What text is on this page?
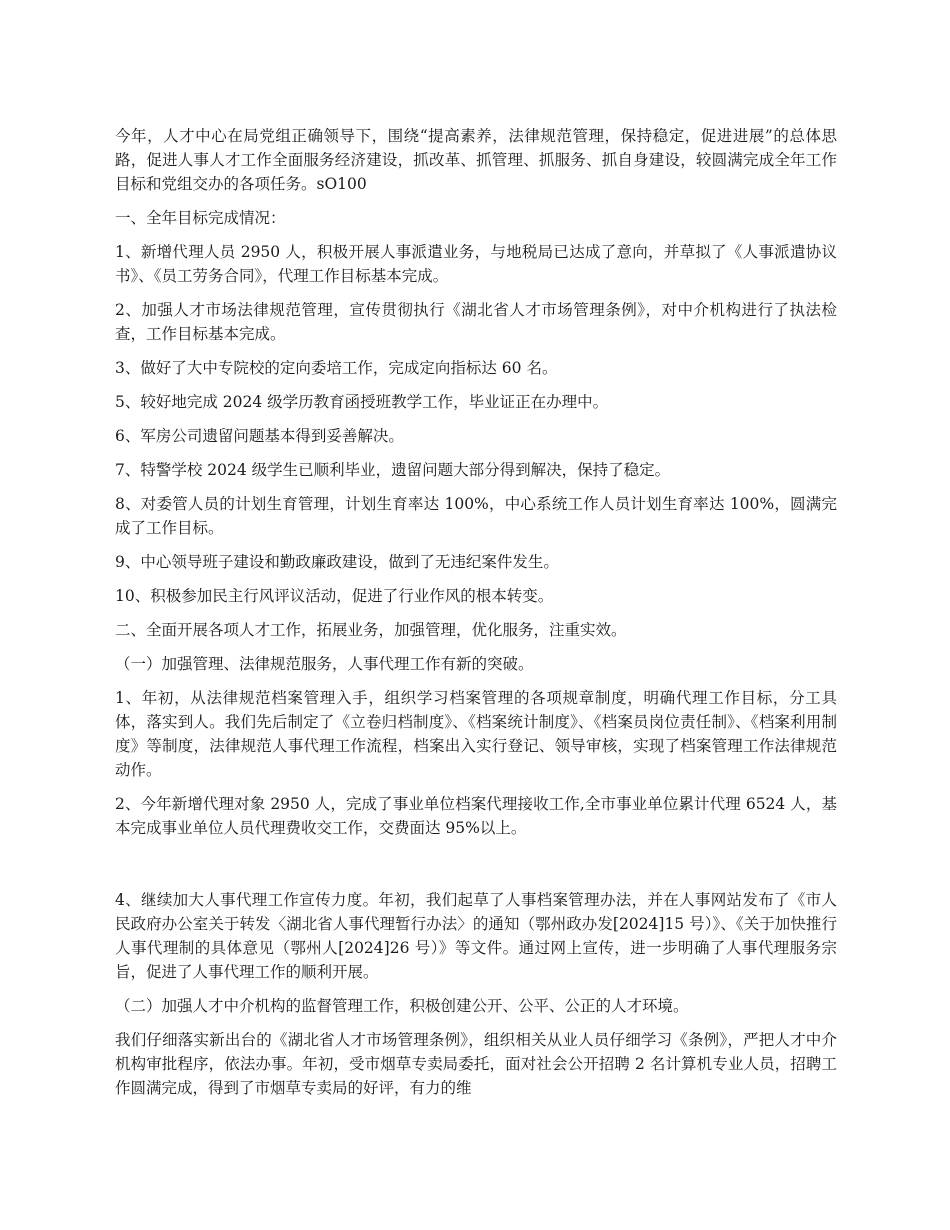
今年，人才中心在局党组正确领导下，围绕“提高素养，法律规范管理，保持稳定，促进进展”的总体思路，促进人事人才工作全面服务经济建设，抓改革、抓管理、抓服务、抓自身建设，较圆满完成全年工作目标和党组交办的各项任务。sO100

一、全年目标完成情况：

1、新增代理人员 2950 人，积极开展人事派遣业务，与地税局已达成了意向，并草拟了《人事派遣协议书》、《员工劳务合同》，代理工作目标基本完成。

2、加强人才市场法律规范管理，宣传贯彻执行《湖北省人才市场管理条例》，对中介机构进行了执法检查，工作目标基本完成。

3、做好了大中专院校的定向委培工作，完成定向指标达 60 名。

5、较好地完成 2024 级学历教育函授班教学工作，毕业证正在办理中。

6、军房公司遗留问题基本得到妥善解决。

7、特警学校 2024 级学生已顺利毕业，遗留问题大部分得到解决，保持了稳定。

8、对委管人员的计划生育管理，计划生育率达 100%，中心系统工作人员计划生育率达 100%，圆满完成了工作目标。

9、中心领导班子建设和勤政廉政建设，做到了无违纪案件发生。

10、积极参加民主行风评议活动，促进了行业作风的根本转变。

二、全面开展各项人才工作，拓展业务，加强管理，优化服务，注重实效。

（一）加强管理、法律规范服务，人事代理工作有新的突破。

1、年初，从法律规范档案管理入手，组织学习档案管理的各项规章制度，明确代理工作目标，分工具体，落实到人。我们先后制定了《立卷归档制度》、《档案统计制度》、《档案员岗位责任制》、《档案利用制度》等制度，法律规范人事代理工作流程，档案出入实行登记、领导审核，实现了档案管理工作法律规范动作。

2、今年新增代理对象 2950 人，完成了事业单位档案代理接收工作,全市事业单位累计代理 6524 人，基本完成事业单位人员代理费收交工作，交费面达 95%以上。

4、继续加大人事代理工作宣传力度。年初，我们起草了人事档案管理办法，并在人事网站发布了《市人民政府办公室关于转发〈湖北省人事代理暂行办法〉的通知（鄂州政办发[2024]15 号）》、《关于加快推行人事代理制的具体意见（鄂州人[2024]26 号）》等文件。通过网上宣传，进一步明确了人事代理服务宗旨，促进了人事代理工作的顺利开展。

（二）加强人才中介机构的监督管理工作，积极创建公开、公平、公正的人才环境。

我们仔细落实新出台的《湖北省人才市场管理条例》，组织相关从业人员仔细学习《条例》，严把人才中介机构审批程序，依法办事。年初，受市烟草专卖局委托，面对社会公开招聘 2 名计算机专业人员，招聘工作圆满完成，得到了市烟草专卖局的好评，有力的维
